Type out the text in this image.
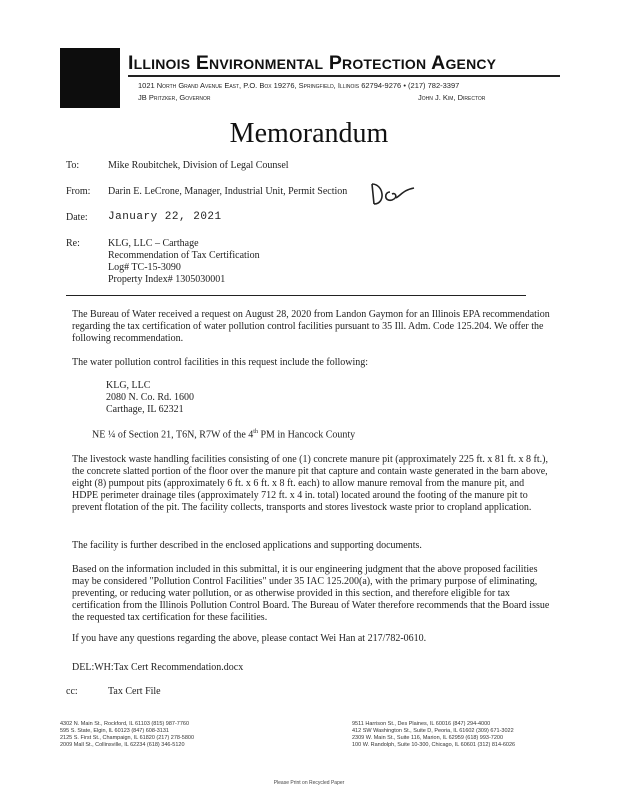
Illinois Environmental Protection Agency
1021 North Grand Avenue East, P.O. Box 19276, Springfield, Illinois 62794-9276 • (217) 782-3397
JB Pritzker, Governor	John J. Kim, Director
Memorandum
To:	Mike Roubitchek, Division of Legal Counsel
From: Darin E. LeCrone, Manager, Industrial Unit, Permit Section
Date: January 22, 2021
Re:	KLG, LLC – Carthage
Recommendation of Tax Certification
Log# TC-15-3090
Property Index# 1305030001
The Bureau of Water received a request on August 28, 2020 from Landon Gaymon for an Illinois EPA recommendation regarding the tax certification of water pollution control facilities pursuant to 35 Ill. Adm. Code 125.204. We offer the following recommendation.
The water pollution control facilities in this request include the following:
KLG, LLC
2080 N. Co. Rd. 1600
Carthage, IL 62321
NE ¼ of Section 21, T6N, R7W of the 4th PM in Hancock County
The livestock waste handling facilities consisting of one (1) concrete manure pit (approximately 225 ft. x 81 ft. x 8 ft.), the concrete slatted portion of the floor over the manure pit that capture and contain waste generated in the barn above, eight (8) pumpout pits (approximately 6 ft. x 6 ft. x 8 ft. each) to allow manure removal from the manure pit, and HDPE perimeter drainage tiles (approximately 712 ft. x 4 in. total) located around the footing of the manure pit to prevent flotation of the pit. The facility collects, transports and stores livestock waste prior to cropland application.
The facility is further described in the enclosed applications and supporting documents.
Based on the information included in this submittal, it is our engineering judgment that the above proposed facilities may be considered "Pollution Control Facilities" under 35 IAC 125.200(a), with the primary purpose of eliminating, preventing, or reducing water pollution, or as otherwise provided in this section, and therefore eligible for tax certification from the Illinois Pollution Control Board. The Bureau of Water therefore recommends that the Board issue the requested tax certification for these facilities.
If you have any questions regarding the above, please contact Wei Han at 217/782-0610.
DEL:WH:Tax Cert Recommendation.docx
cc:	Tax Cert File
4302 N. Main St., Rockford, IL 61103 (815) 987-7760
595 S. State, Elgin, IL 60123 (847) 608-3131
2125 S. First St., Champaign, IL 61820 (217) 278-5800
2009 Mall St., Collinsville, IL 62234 (618) 346-5120
9511 Harrison St., Des Plaines, IL 60016 (847) 294-4000
412 SW Washington St., Suite D, Peoria, IL 61602 (309) 671-3022
2309 W. Main St., Suite 116, Marion, IL 62959 (618) 993-7200
100 W. Randolph, Suite 10-300, Chicago, IL 60601 (312) 814-6026
Please Print on Recycled Paper
